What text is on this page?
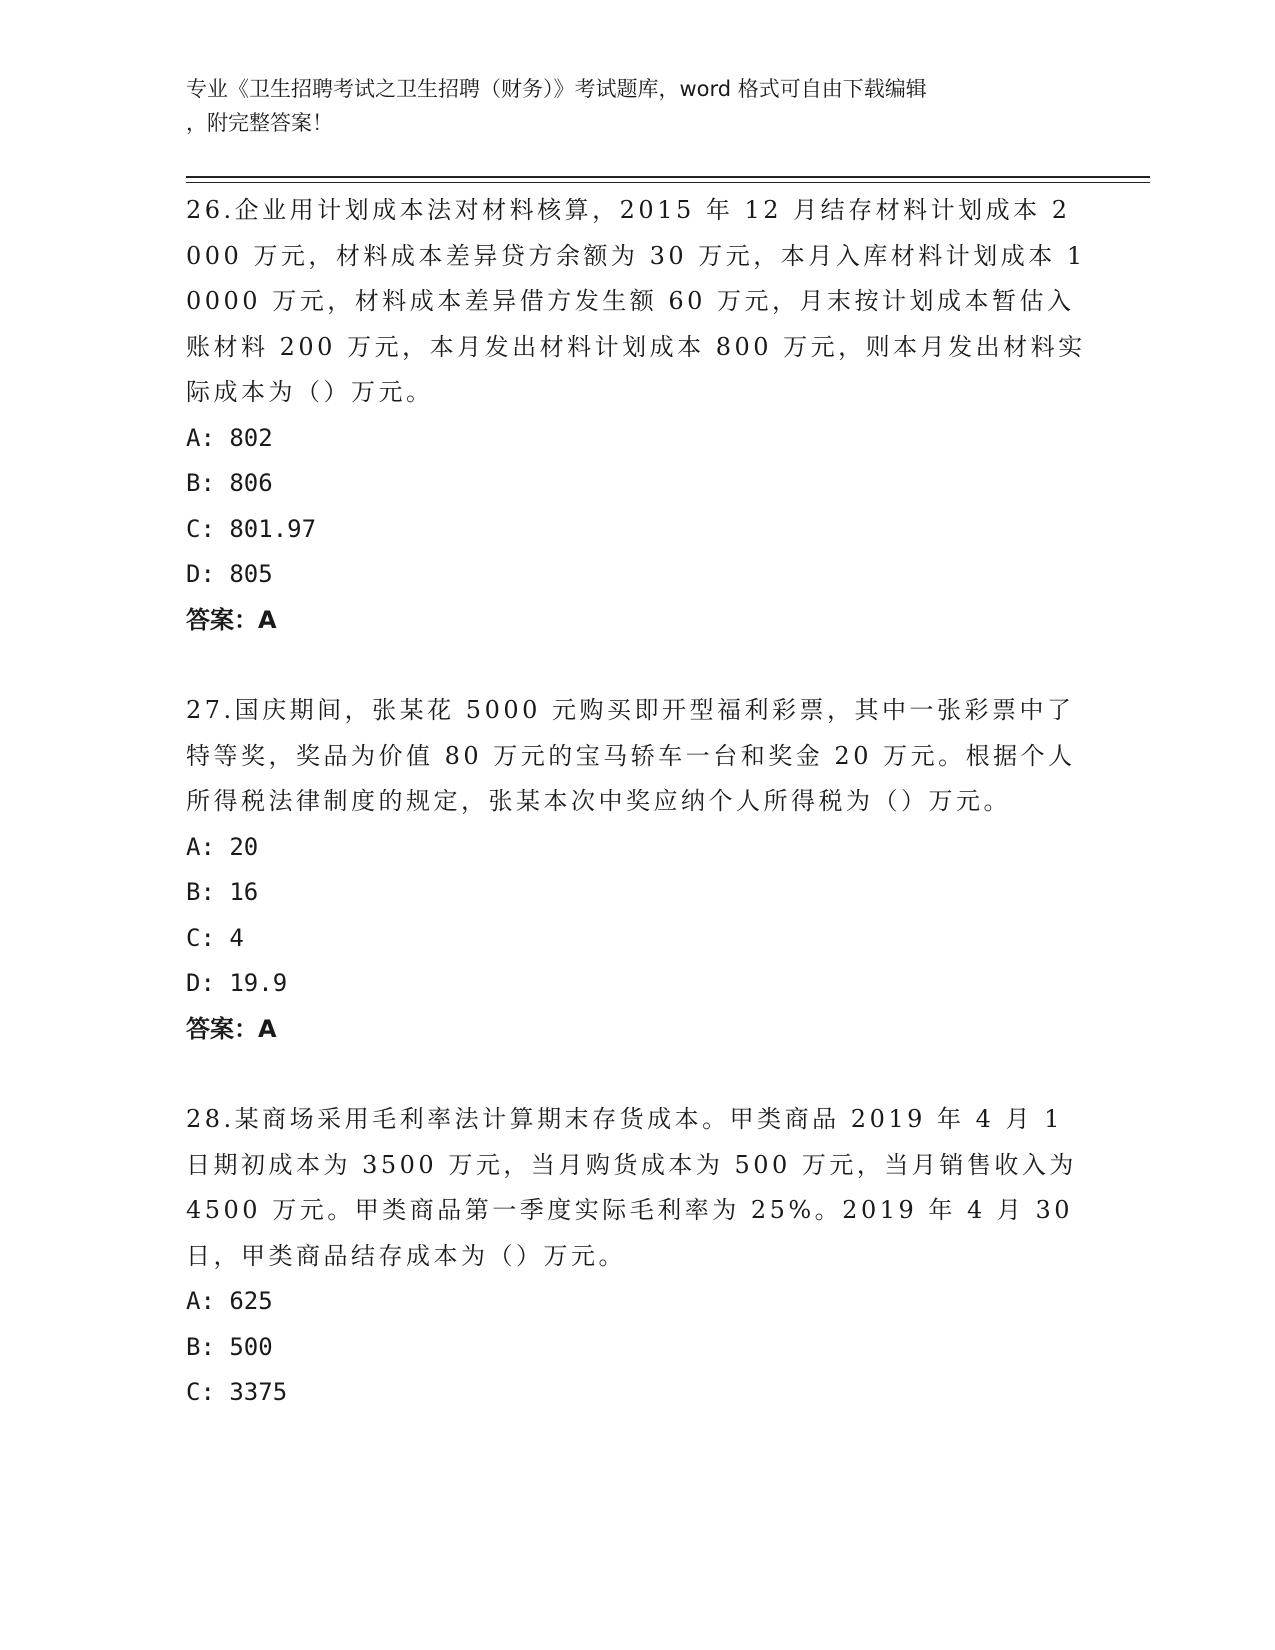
专业《卫生招聘考试之卫生招聘（财务）》考试题库，word 格式可自由下载编辑
，附完整答案！

26.企业用计划成本法对材料核算，2015 年 12 月结存材料计划成本 2000 万元，材料成本差异贷方余额为 30 万元，本月入库材料计划成本 10000 万元，材料成本差异借方发生额 60 万元，月末按计划成本暂估入账材料 200 万元，本月发出材料计划成本 800 万元，则本月发出材料实际成本为（）万元。

A: 802

B: 806

C: 801.97

D: 805

答案：A

27.国庆期间，张某花 5000 元购买即开型福利彩票，其中一张彩票中了特等奖，奖品为价值 80 万元的宝马轿车一台和奖金 20 万元。根据个人所得税法律制度的规定，张某本次中奖应纳个人所得税为（）万元。

A: 20

B: 16

C: 4

D: 19.9

答案：A

28.某商场采用毛利率法计算期末存货成本。甲类商品 2019 年 4 月 1 日期初成本为 3500 万元，当月购货成本为 500 万元，当月销售收入为 4500 万元。甲类商品第一季度实际毛利率为 25%。2019 年 4 月 30 日，甲类商品结存成本为（）万元。

A: 625

B: 500

C: 3375
